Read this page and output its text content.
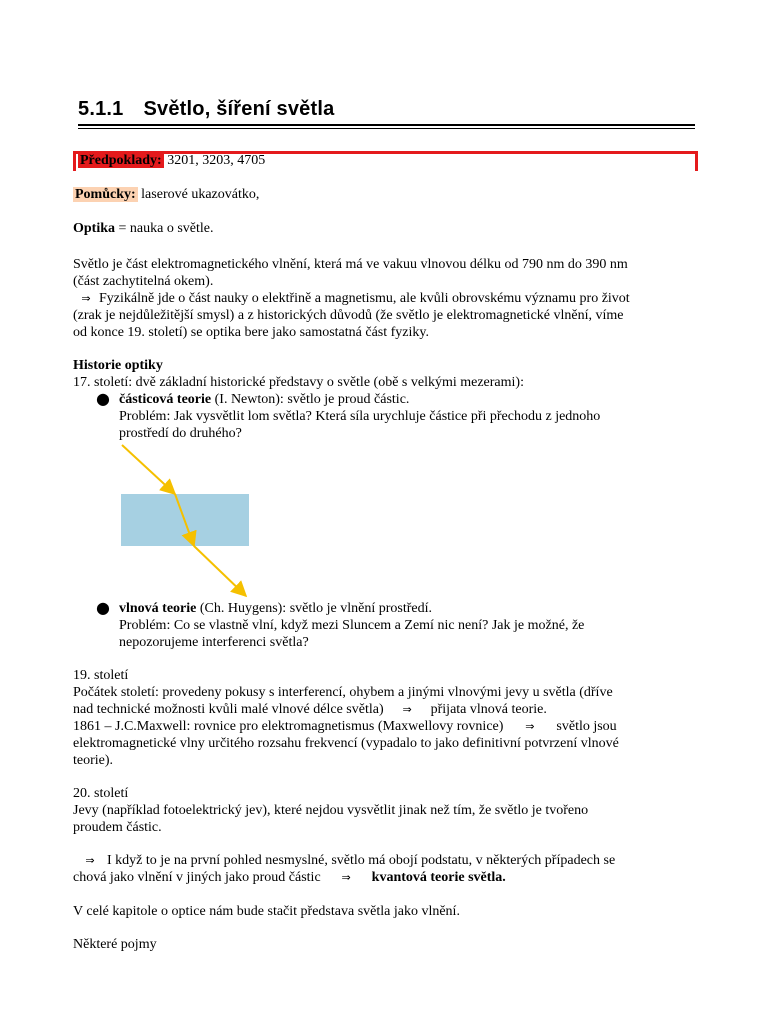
5.1.1 Světlo, šíření světla
Předpoklady: 3201, 3203, 4705
Pomůcky: laserové ukazovátko,
Optika = nauka o světle.
Světlo je část elektromagnetického vlnění, která má ve vakuu vlnovou délku od 790 nm do 390 nm
(část zachytitelná okem).
⇒ Fyzikálně jde o část nauky o elektřině a magnetismu, ale kvůli obrovskému významu pro život
(zrak je nejdůležitější smysl) a z historických důvodů (že světlo je elektromagnetické vlnění, víme
od konce 19. století) se optika bere jako samostatná část fyziky.
Historie optiky
17. století: dvě základní historické představy o světle (obě s velkými mezerami):
● částicová teorie (I. Newton): světlo je proud částic.
Problém: Jak vysvětlit lom světla? Která síla urychluje částice při přechodu z jednoho
prostředí do druhého?
● vlnová teorie (Ch. Huygens): světlo je vlnění prostředí.
Problém: Co se vlastně vlní, když mezi Sluncem a Zemí nic není? Jak je možné, že
nepozorujeme interferenci světla?
19. století
Počátek století: provedeny pokusy s interferencí, ohybem a jinými vlnovými jevy u světla (dříve
nad technické možnosti kvůli malé vlnové délce světla) ⇒ přijata vlnová teorie.
1861 – J.C.Maxwell: rovnice pro elektromagnetismus (Maxwellovy rovnice) ⇒ světlo jsou
elektromagnetické vlny určitého rozsahu frekvencí (vypadalo to jako definitivní potvrzení vlnové
teorie).
20. století
Jevy (například fotoelektrický jev), které nejdou vysvětlit jinak než tím, že světlo je tvořeno
proudem částic.
⇒ I když to je na první pohled nesmyslné, světlo má obojí podstatu, v některých případech se
chová jako vlnění v jiných jako proud částic ⇒ kvantová teorie světla.
V celé kapitole o optice nám bude stačit představa světla jako vlnění.
Některé pojmy
